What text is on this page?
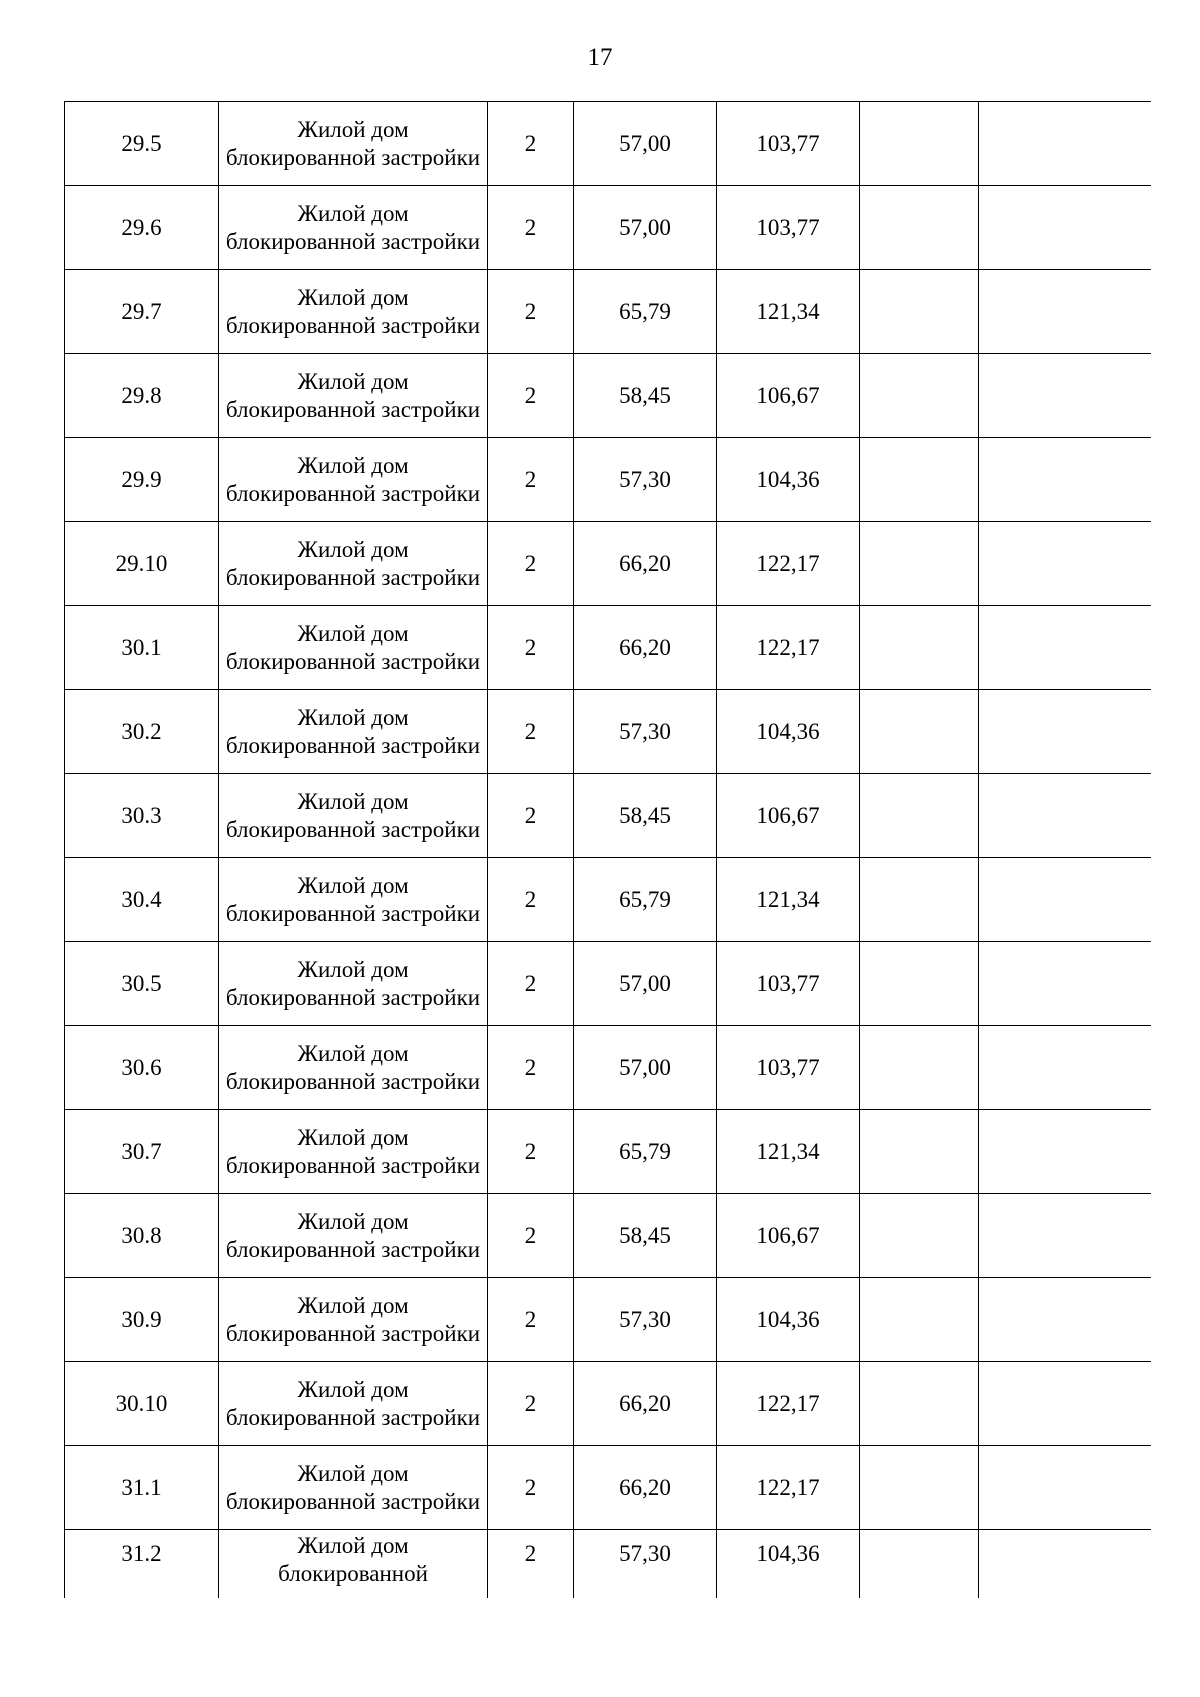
17
29.5	Жилой дом блокированной застройки	2	57,00	103,77		
29.6	Жилой дом блокированной застройки	2	57,00	103,77		
29.7	Жилой дом блокированной застройки	2	65,79	121,34		
29.8	Жилой дом блокированной застройки	2	58,45	106,67		
29.9	Жилой дом блокированной застройки	2	57,30	104,36		
29.10	Жилой дом блокированной застройки	2	66,20	122,17		
30.1	Жилой дом блокированной застройки	2	66,20	122,17		
30.2	Жилой дом блокированной застройки	2	57,30	104,36		
30.3	Жилой дом блокированной застройки	2	58,45	106,67		
30.4	Жилой дом блокированной застройки	2	65,79	121,34		
30.5	Жилой дом блокированной застройки	2	57,00	103,77		
30.6	Жилой дом блокированной застройки	2	57,00	103,77		
30.7	Жилой дом блокированной застройки	2	65,79	121,34		
30.8	Жилой дом блокированной застройки	2	58,45	106,67		
30.9	Жилой дом блокированной застройки	2	57,30	104,36		
30.10	Жилой дом блокированной застройки	2	66,20	122,17		
31.1	Жилой дом блокированной застройки	2	66,20	122,17		
31.2	Жилой дом блокированной	2	57,30	104,36		
